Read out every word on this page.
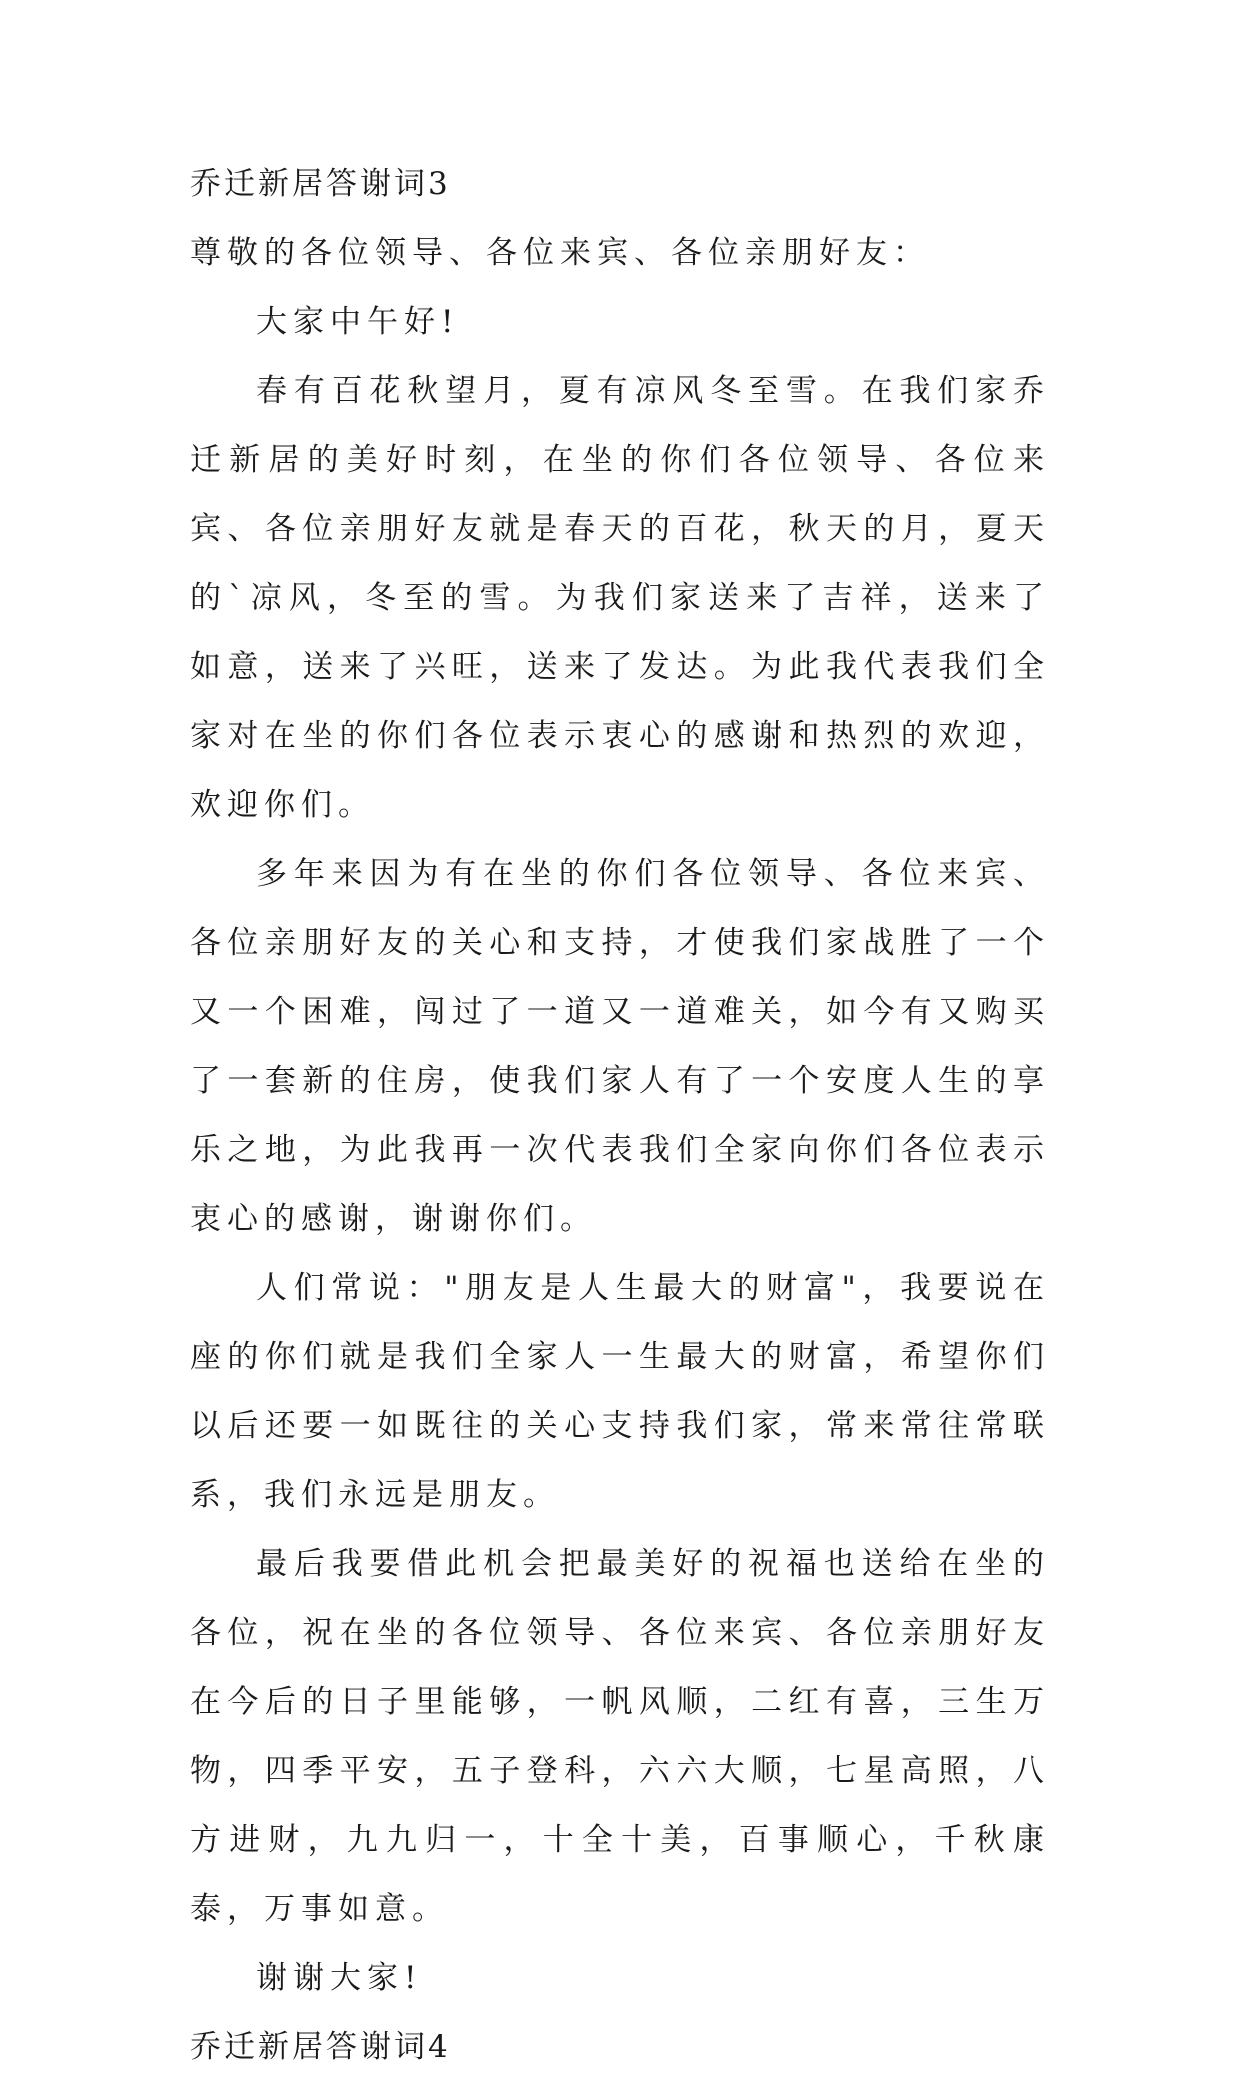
乔迁新居答谢词3

尊敬的各位领导、各位来宾、各位亲朋好友：

大家中午好!

春有百花秋望月，夏有凉风冬至雪。在我们家乔迁新居的美好时刻，在坐的你们各位领导、各位来宾、各位亲朋好友就是春天的百花，秋天的月，夏天的`凉风，冬至的雪。为我们家送来了吉祥，送来了如意，送来了兴旺，送来了发达。为此我代表我们全家对在坐的你们各位表示衷心的感谢和热烈的欢迎，欢迎你们。

多年来因为有在坐的你们各位领导、各位来宾、各位亲朋好友的关心和支持，才使我们家战胜了一个又一个困难，闯过了一道又一道难关，如今有又购买了一套新的住房，使我们家人有了一个安度人生的享乐之地，为此我再一次代表我们全家向你们各位表示衷心的感谢，谢谢你们。

人们常说："朋友是人生最大的财富"，我要说在座的你们就是我们全家人一生最大的财富，希望你们以后还要一如既往的关心支持我们家，常来常往常联系，我们永远是朋友。

最后我要借此机会把最美好的祝福也送给在坐的各位，祝在坐的各位领导、各位来宾、各位亲朋好友在今后的日子里能够，一帆风顺，二红有喜，三生万物，四季平安，五子登科，六六大顺，七星高照，八方进财，九九归一，十全十美，百事顺心，千秋康泰，万事如意。

谢谢大家!

乔迁新居答谢词4
